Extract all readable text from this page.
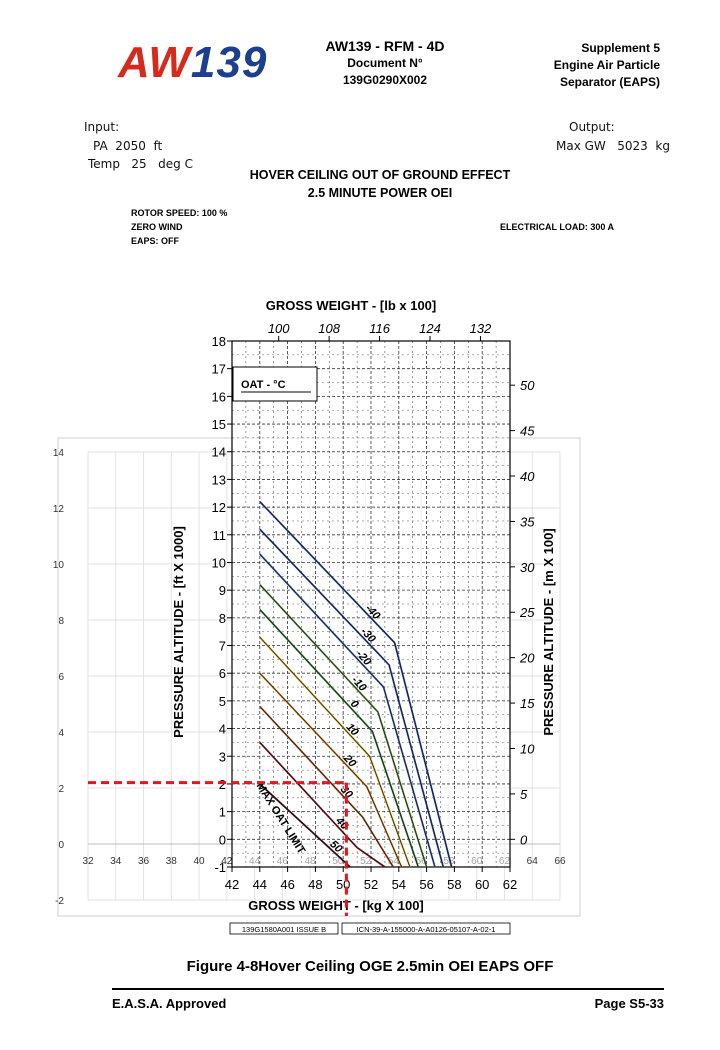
AW139	AW139 - RFM - 4D
Document N°
139G0290X002
Supplement 5
Engine Air Particle
Separator (EAPS)
Input:
PA  2050  ft
Temp   25   deg C
Output:
Max GW   5023  kg
HOVER CEILING OUT OF GROUND EFFECT
2.5 MINUTE POWER OEI
ROTOR SPEED: 100 %
ZERO WIND
EAPS: OFF
ELECTRICAL LOAD: 300 A
32 34 36 38 40 42	64 66
-2
0
2
4
6
8
10
12
14
-1
0
1
2
3
4
5
6
7
8
9
10
11
12
13
14
15
16
17
18
0
5
10
15
20
25
30
35
40
45
50
42 44 46 48 50 52 54 56 58 60 62
100 108 116 124 132
GROSS WEIGHT - [lb x 100]
GROSS WEIGHT - [kg X 100]
PRESSURE ALTITUDE - [ft X 1000]	PRESSURE ALTITUDE - [m X 100]
OAT - °C
-40
-30
-20
-10
0
10
20
30
40
50
MAX OAT LIMIT
139G1580A001 ISSUE B	ICN-39-A-155000-A-A0126-05107-A-02-1
Figure 4-8Hover Ceiling OGE 2.5min OEI EAPS OFF
E.A.S.A. Approved	Page S5-33
